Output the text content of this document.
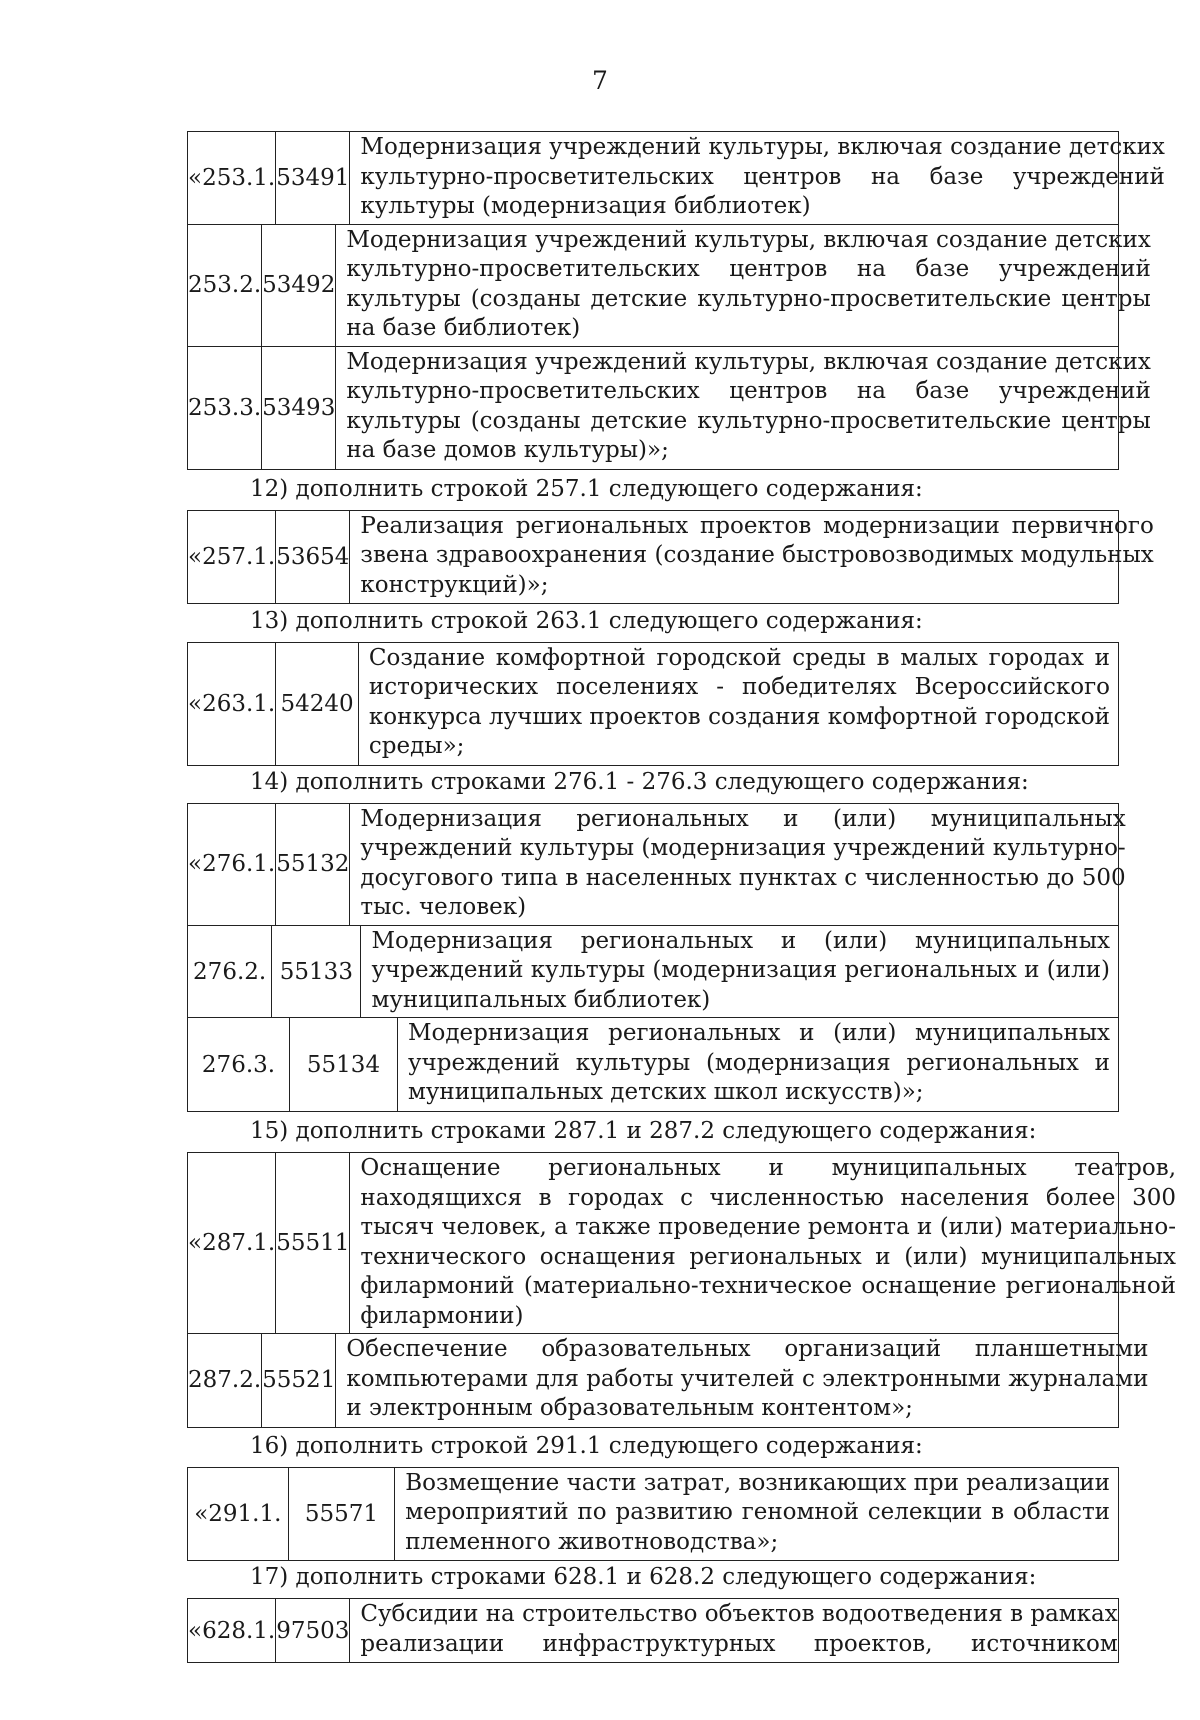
7
«253.1. 53491
Модернизация учреждений культуры, включая создание детских
культурно-просветительских центров на базе учреждений
культуры (модернизация библиотек)
253.2. 53492
Модернизация учреждений культуры, включая создание детских
культурно-просветительских центров на базе учреждений
культуры (созданы детские культурно-просветительские центры
на базе библиотек)
253.3. 53493
Модернизация учреждений культуры, включая создание детских
культурно-просветительских центров на базе учреждений
культуры (созданы детские культурно-просветительские центры
на базе домов культуры)»;
12) дополнить строкой 257.1 следующего содержания:
«257.1. 53654
Реализация региональных проектов модернизации первичного
звена здравоохранения (создание быстровозводимых модульных
конструкций)»;
13) дополнить строкой 263.1 следующего содержания:
«263.1. 54240
Создание комфортной городской среды в малых городах и
исторических поселениях - победителях Всероссийского
конкурса лучших проектов создания комфортной городской
среды»;
14) дополнить строками 276.1 - 276.3 следующего содержания:
«276.1. 55132
Модернизация региональных и (или) муниципальных
учреждений культуры (модернизация учреждений культурно-
досугового типа в населенных пунктах с численностью до 500
тыс. человек)
276.2. 55133
Модернизация региональных и (или) муниципальных
учреждений культуры (модернизация региональных и (или)
муниципальных библиотек)
276.3.	55134
Модернизация региональных и (или) муниципальных
учреждений культуры (модернизация региональных и
муниципальных детских школ искусств)»;
15) дополнить строками 287.1 и 287.2 следующего содержания:
«287.1. 55511
Оснащение региональных и муниципальных театров,
находящихся в городах с численностью населения более 300
тысяч человек, а также проведение ремонта и (или) материально-
технического оснащения региональных и (или) муниципальных
филармоний (материально-техническое оснащение региональной
филармонии)
287.2. 55521
Обеспечение образовательных организаций планшетными
компьютерами для работы учителей с электронными журналами
и электронным образовательным контентом»;
16) дополнить строкой 291.1 следующего содержания:
«291.1.	55571
Возмещение части затрат, возникающих при реализации
мероприятий по развитию геномной селекции в области
племенного животноводства»;
17) дополнить строками 628.1 и 628.2 следующего содержания:
«628.1. 97503
Субсидии на строительство объектов водоотведения в рамках
реализации инфраструктурных проектов, источником
